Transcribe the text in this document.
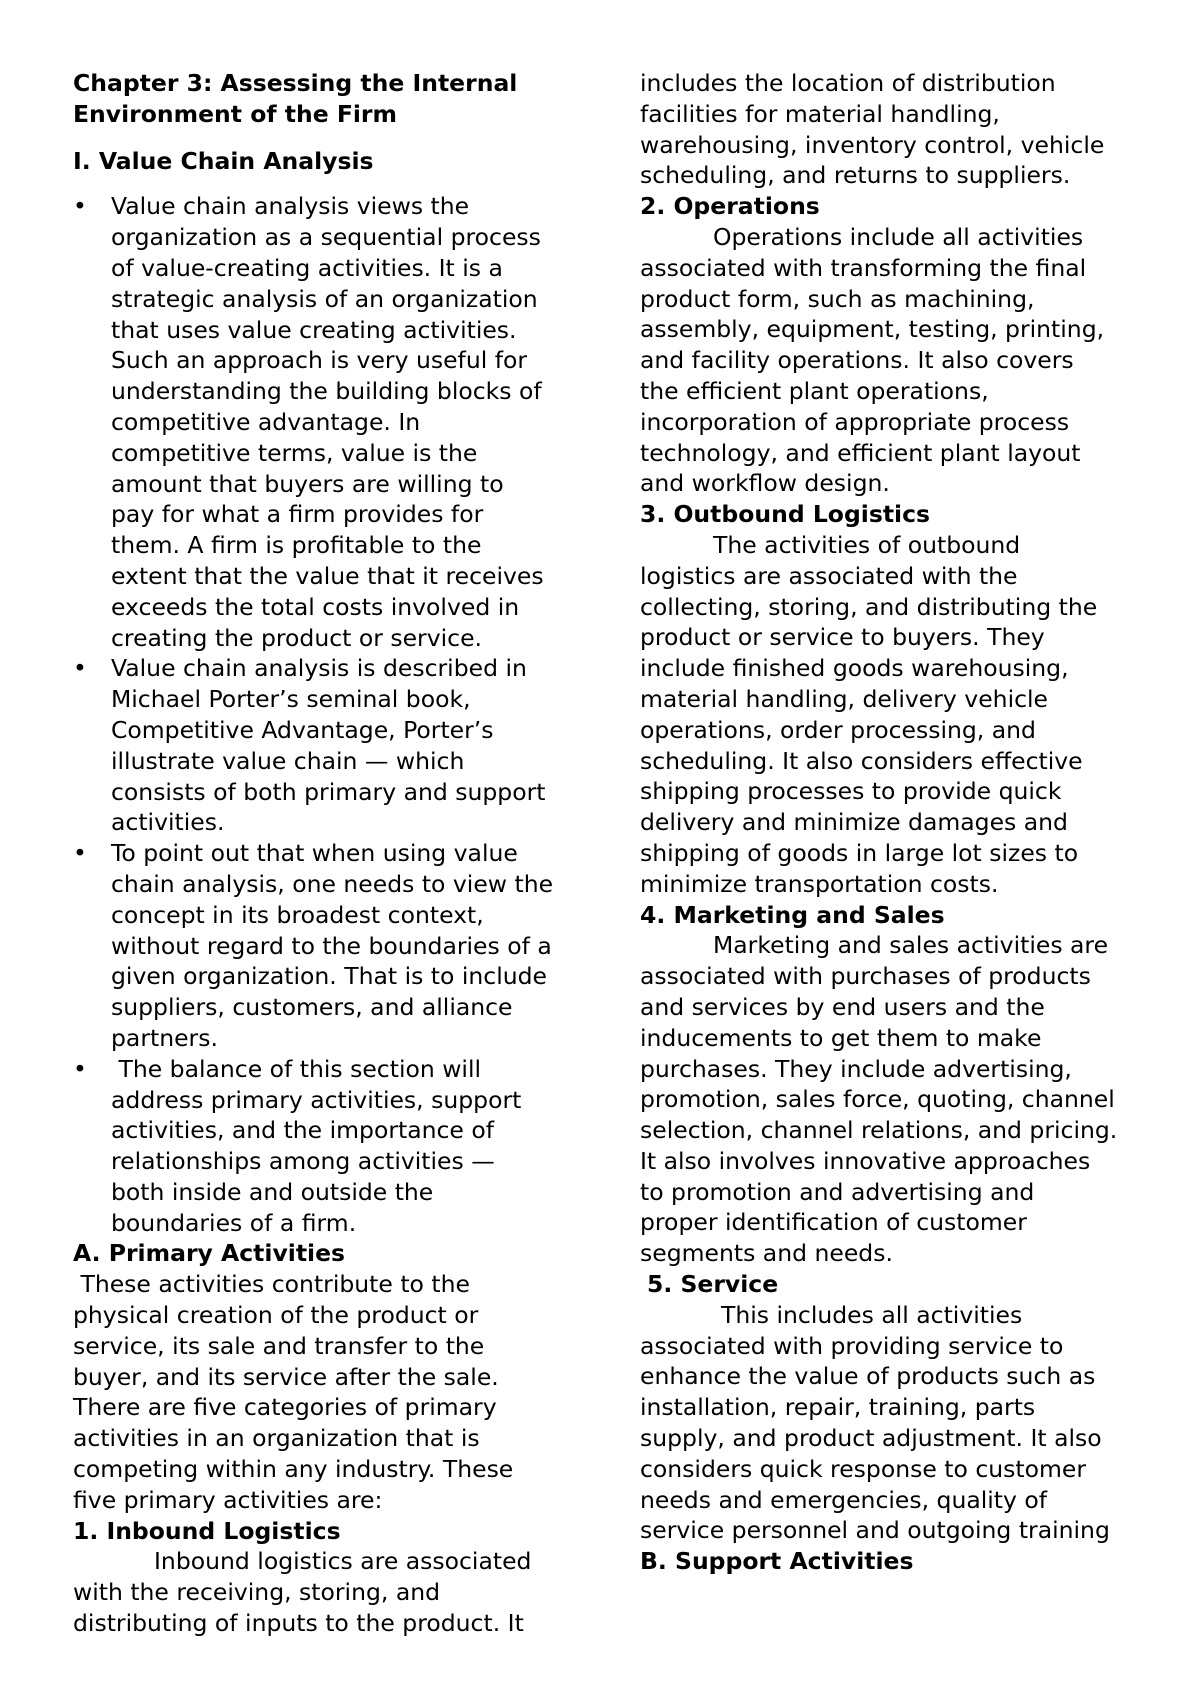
Chapter 3: Assessing the Internal
Environment of the Firm
I. Value Chain Analysis
• Value chain analysis views the
organization as a sequential process
of value-creating activities. It is a
strategic analysis of an organization
that uses value creating activities.
Such an approach is very useful for
understanding the building blocks of
competitive advantage. In
competitive terms, value is the
amount that buyers are willing to
pay for what a firm provides for
them. A firm is profitable to the
extent that the value that it receives
exceeds the total costs involved in
creating the product or service.
• Value chain analysis is described in
Michael Porter’s seminal book,
Competitive Advantage, Porter’s
illustrate value chain — which
consists of both primary and support
activities.
• To point out that when using value
chain analysis, one needs to view the
concept in its broadest context,
without regard to the boundaries of a
given organization. That is to include
suppliers, customers, and alliance
partners.
•  The balance of this section will
address primary activities, support
activities, and the importance of
relationships among activities —
both inside and outside the
boundaries of a firm.
A. Primary Activities
These activities contribute to the
physical creation of the product or
service, its sale and transfer to the
buyer, and its service after the sale.
There are five categories of primary
activities in an organization that is
competing within any industry. These
five primary activities are:
1. Inbound Logistics
Inbound logistics are associated
with the receiving, storing, and
distributing of inputs to the product. It
includes the location of distribution
facilities for material handling,
warehousing, inventory control, vehicle
scheduling, and returns to suppliers.
2. Operations
Operations include all activities
associated with transforming the final
product form, such as machining,
assembly, equipment, testing, printing,
and facility operations. It also covers
the efficient plant operations,
incorporation of appropriate process
technology, and efficient plant layout
and workflow design.
3. Outbound Logistics
The activities of outbound
logistics are associated with the
collecting, storing, and distributing the
product or service to buyers. They
include finished goods warehousing,
material handling, delivery vehicle
operations, order processing, and
scheduling. It also considers effective
shipping processes to provide quick
delivery and minimize damages and
shipping of goods in large lot sizes to
minimize transportation costs.
4. Marketing and Sales
Marketing and sales activities are
associated with purchases of products
and services by end users and the
inducements to get them to make
purchases. They include advertising,
promotion, sales force, quoting, channel
selection, channel relations, and pricing.
It also involves innovative approaches
to promotion and advertising and
proper identification of customer
segments and needs.
5. Service
This includes all activities
associated with providing service to
enhance the value of products such as
installation, repair, training, parts
supply, and product adjustment. It also
considers quick response to customer
needs and emergencies, quality of
service personnel and outgoing training
B. Support Activities
